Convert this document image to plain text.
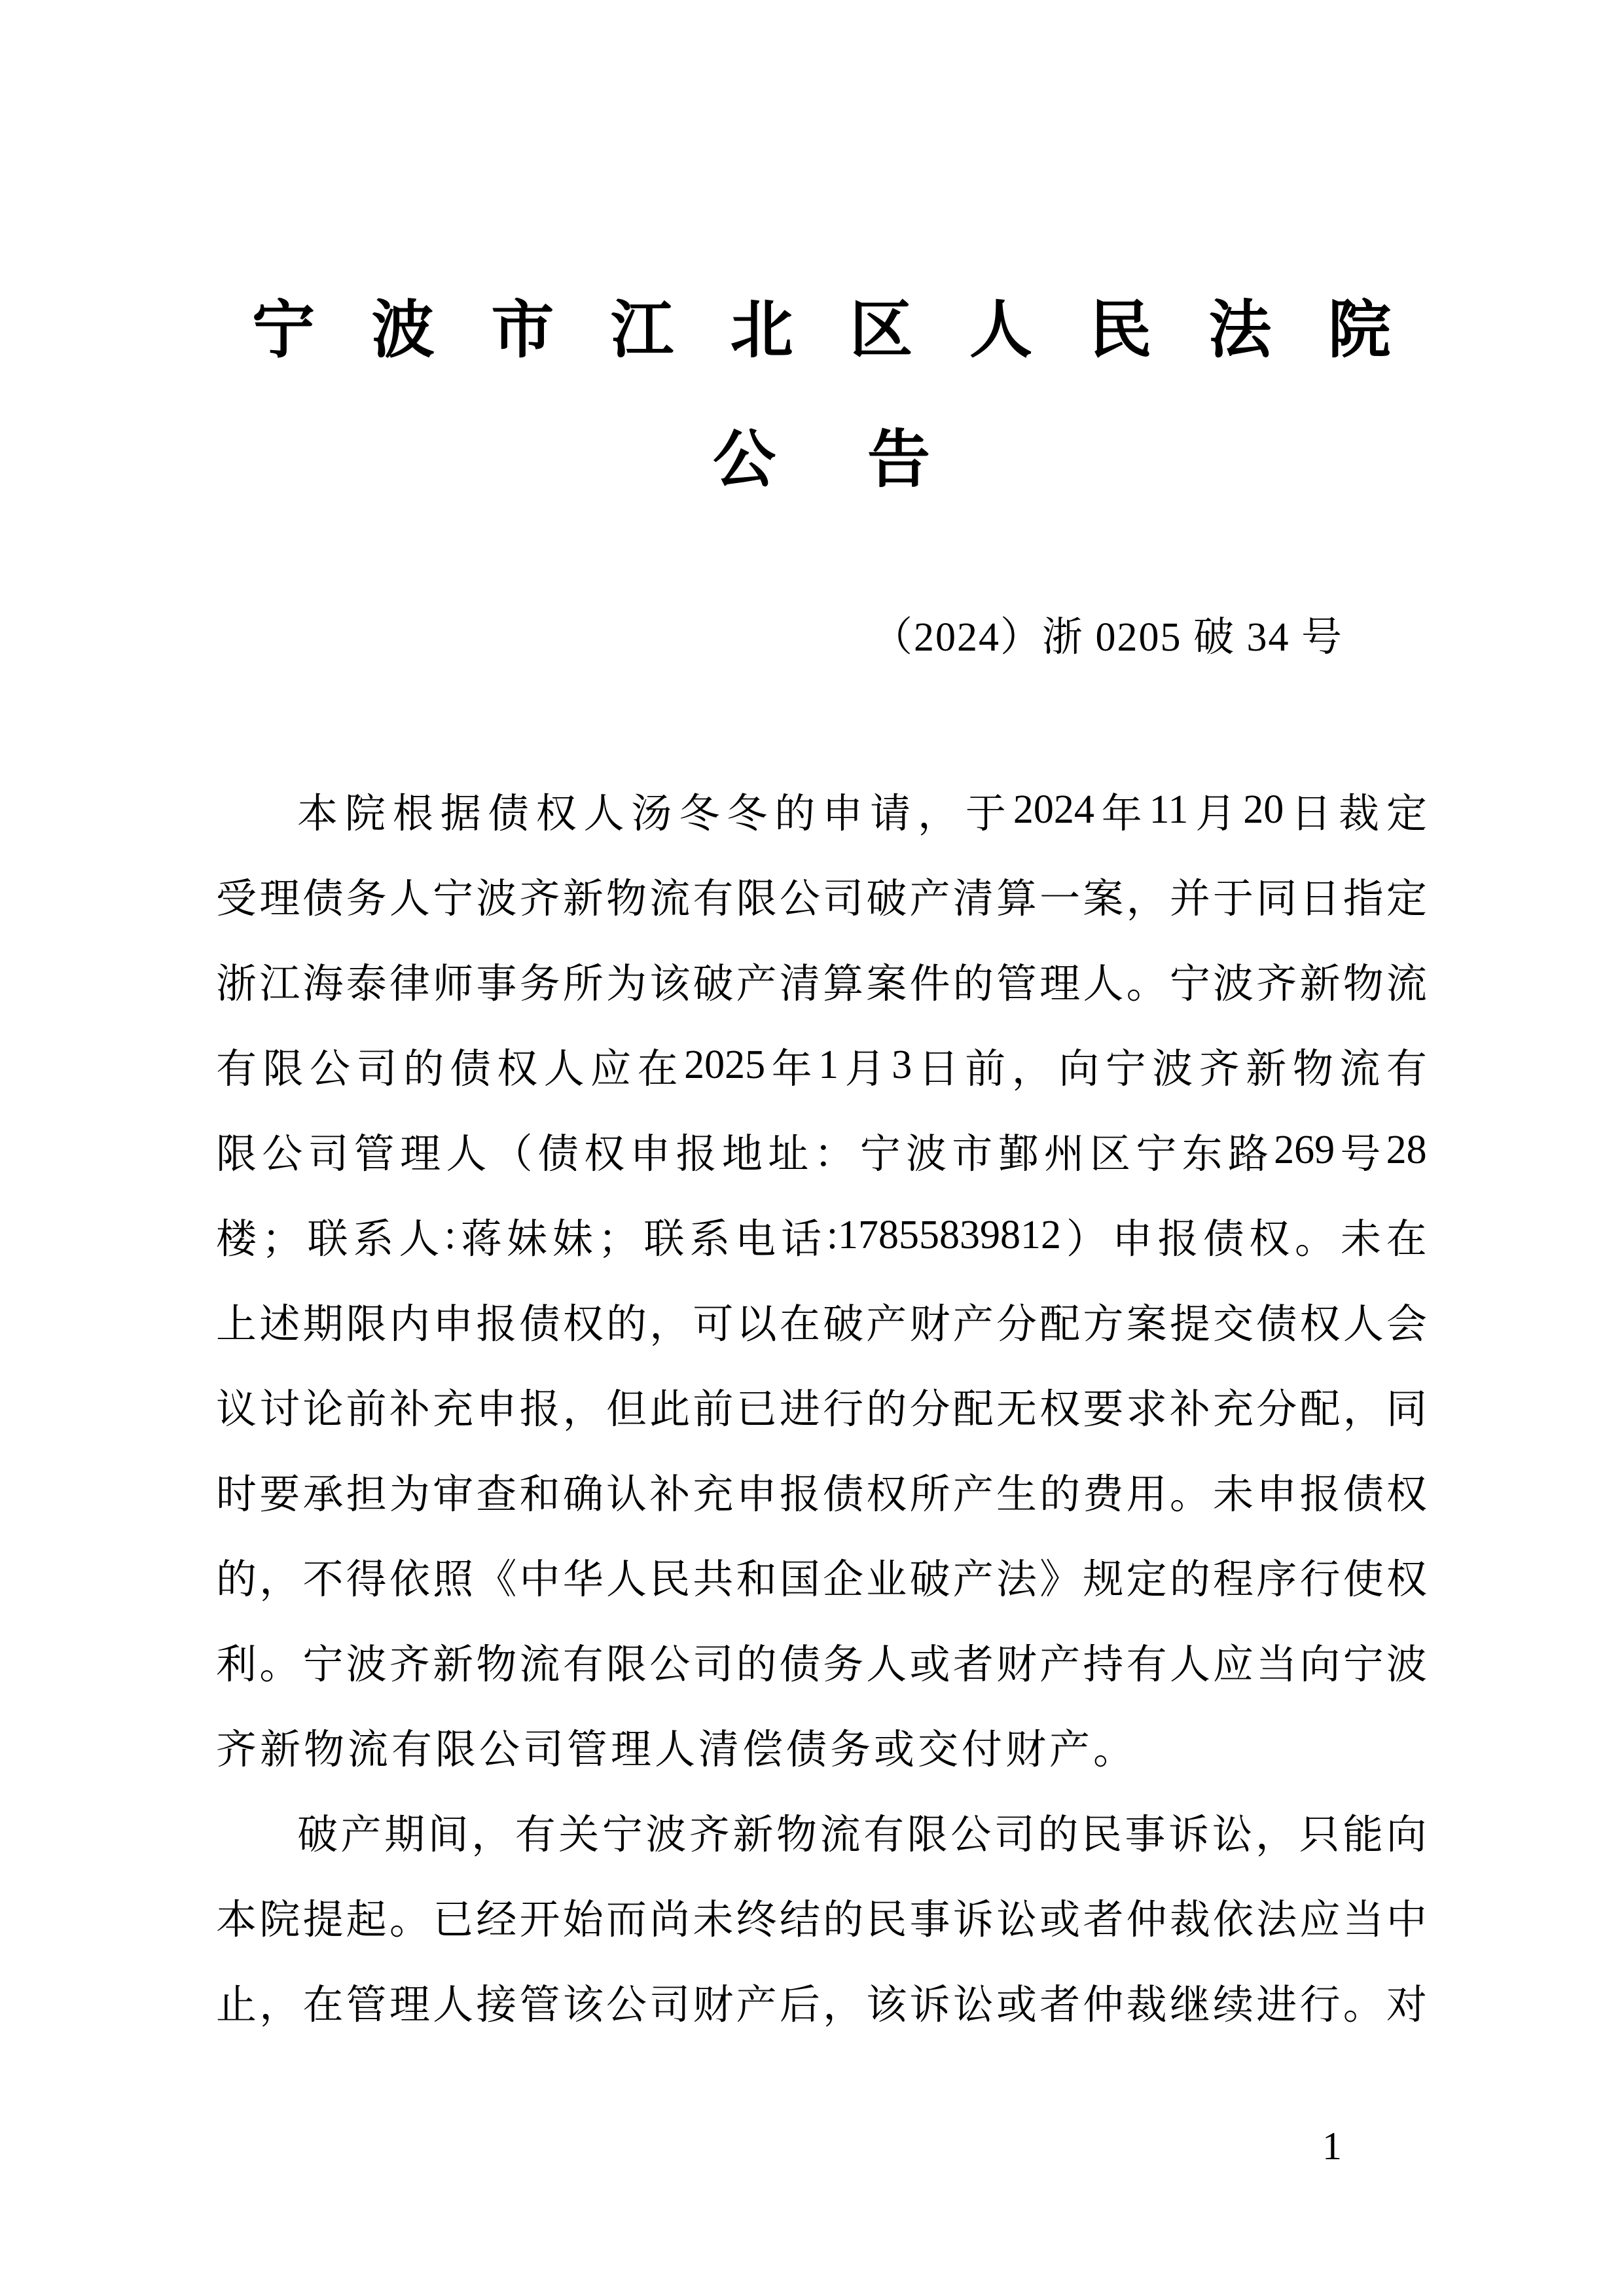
宁 波 市 江 北 区 人 民 法 院
公 告
（2024）浙 0205 破 34 号
　　本 院 根 据 债 权 人 汤 冬 冬 的 申 请 ， 于 2024 年 11 月 20 日 裁 定
受 理 债 务 人 宁 波 齐 新 物 流 有 限 公 司 破 产 清 算 一 案 ， 并 于 同 日 指 定
浙 江 海 泰 律 师 事 务 所 为 该 破 产 清 算 案 件 的 管 理 人 。 宁 波 齐 新 物 流
有 限 公 司 的 债 权 人 应 在 2025 年 1 月 3 日 前 ， 向 宁 波 齐 新 物 流 有
限 公 司 管 理 人 （ 债 权 申 报 地 址 ： 宁 波 市 鄞 州 区 宁 东 路 269 号 28
楼 ； 联 系 人 : 蒋 妹 妹 ； 联 系 电 话 :17855839812 ） 申 报 债 权 。 未 在
上 述 期 限 内 申 报 债 权 的 ， 可 以 在 破 产 财 产 分 配 方 案 提 交 债 权 人 会
议 讨 论 前 补 充 申 报 ， 但 此 前 已 进 行 的 分 配 无 权 要 求 补 充 分 配 ， 同
时 要 承 担 为 审 查 和 确 认 补 充 申 报 债 权 所 产 生 的 费 用 。 未 申 报 债 权
的 ， 不 得 依 照 《 中 华 人 民 共 和 国 企 业 破 产 法 》 规 定 的 程 序 行 使 权
利 。 宁 波 齐 新 物 流 有 限 公 司 的 债 务 人 或 者 财 产 持 有 人 应 当 向 宁 波
齐新物流有限公司管理人清偿债务或交付财产。
　　破 产 期 间 ， 有 关 宁 波 齐 新 物 流 有 限 公 司 的 民 事 诉 讼 ， 只 能 向
本 院 提 起 。 已 经 开 始 而 尚 未 终 结 的 民 事 诉 讼 或 者 仲 裁 依 法 应 当 中
止 ， 在 管 理 人 接 管 该 公 司 财 产 后 ， 该 诉 讼 或 者 仲 裁 继 续 进 行 。 对
1
